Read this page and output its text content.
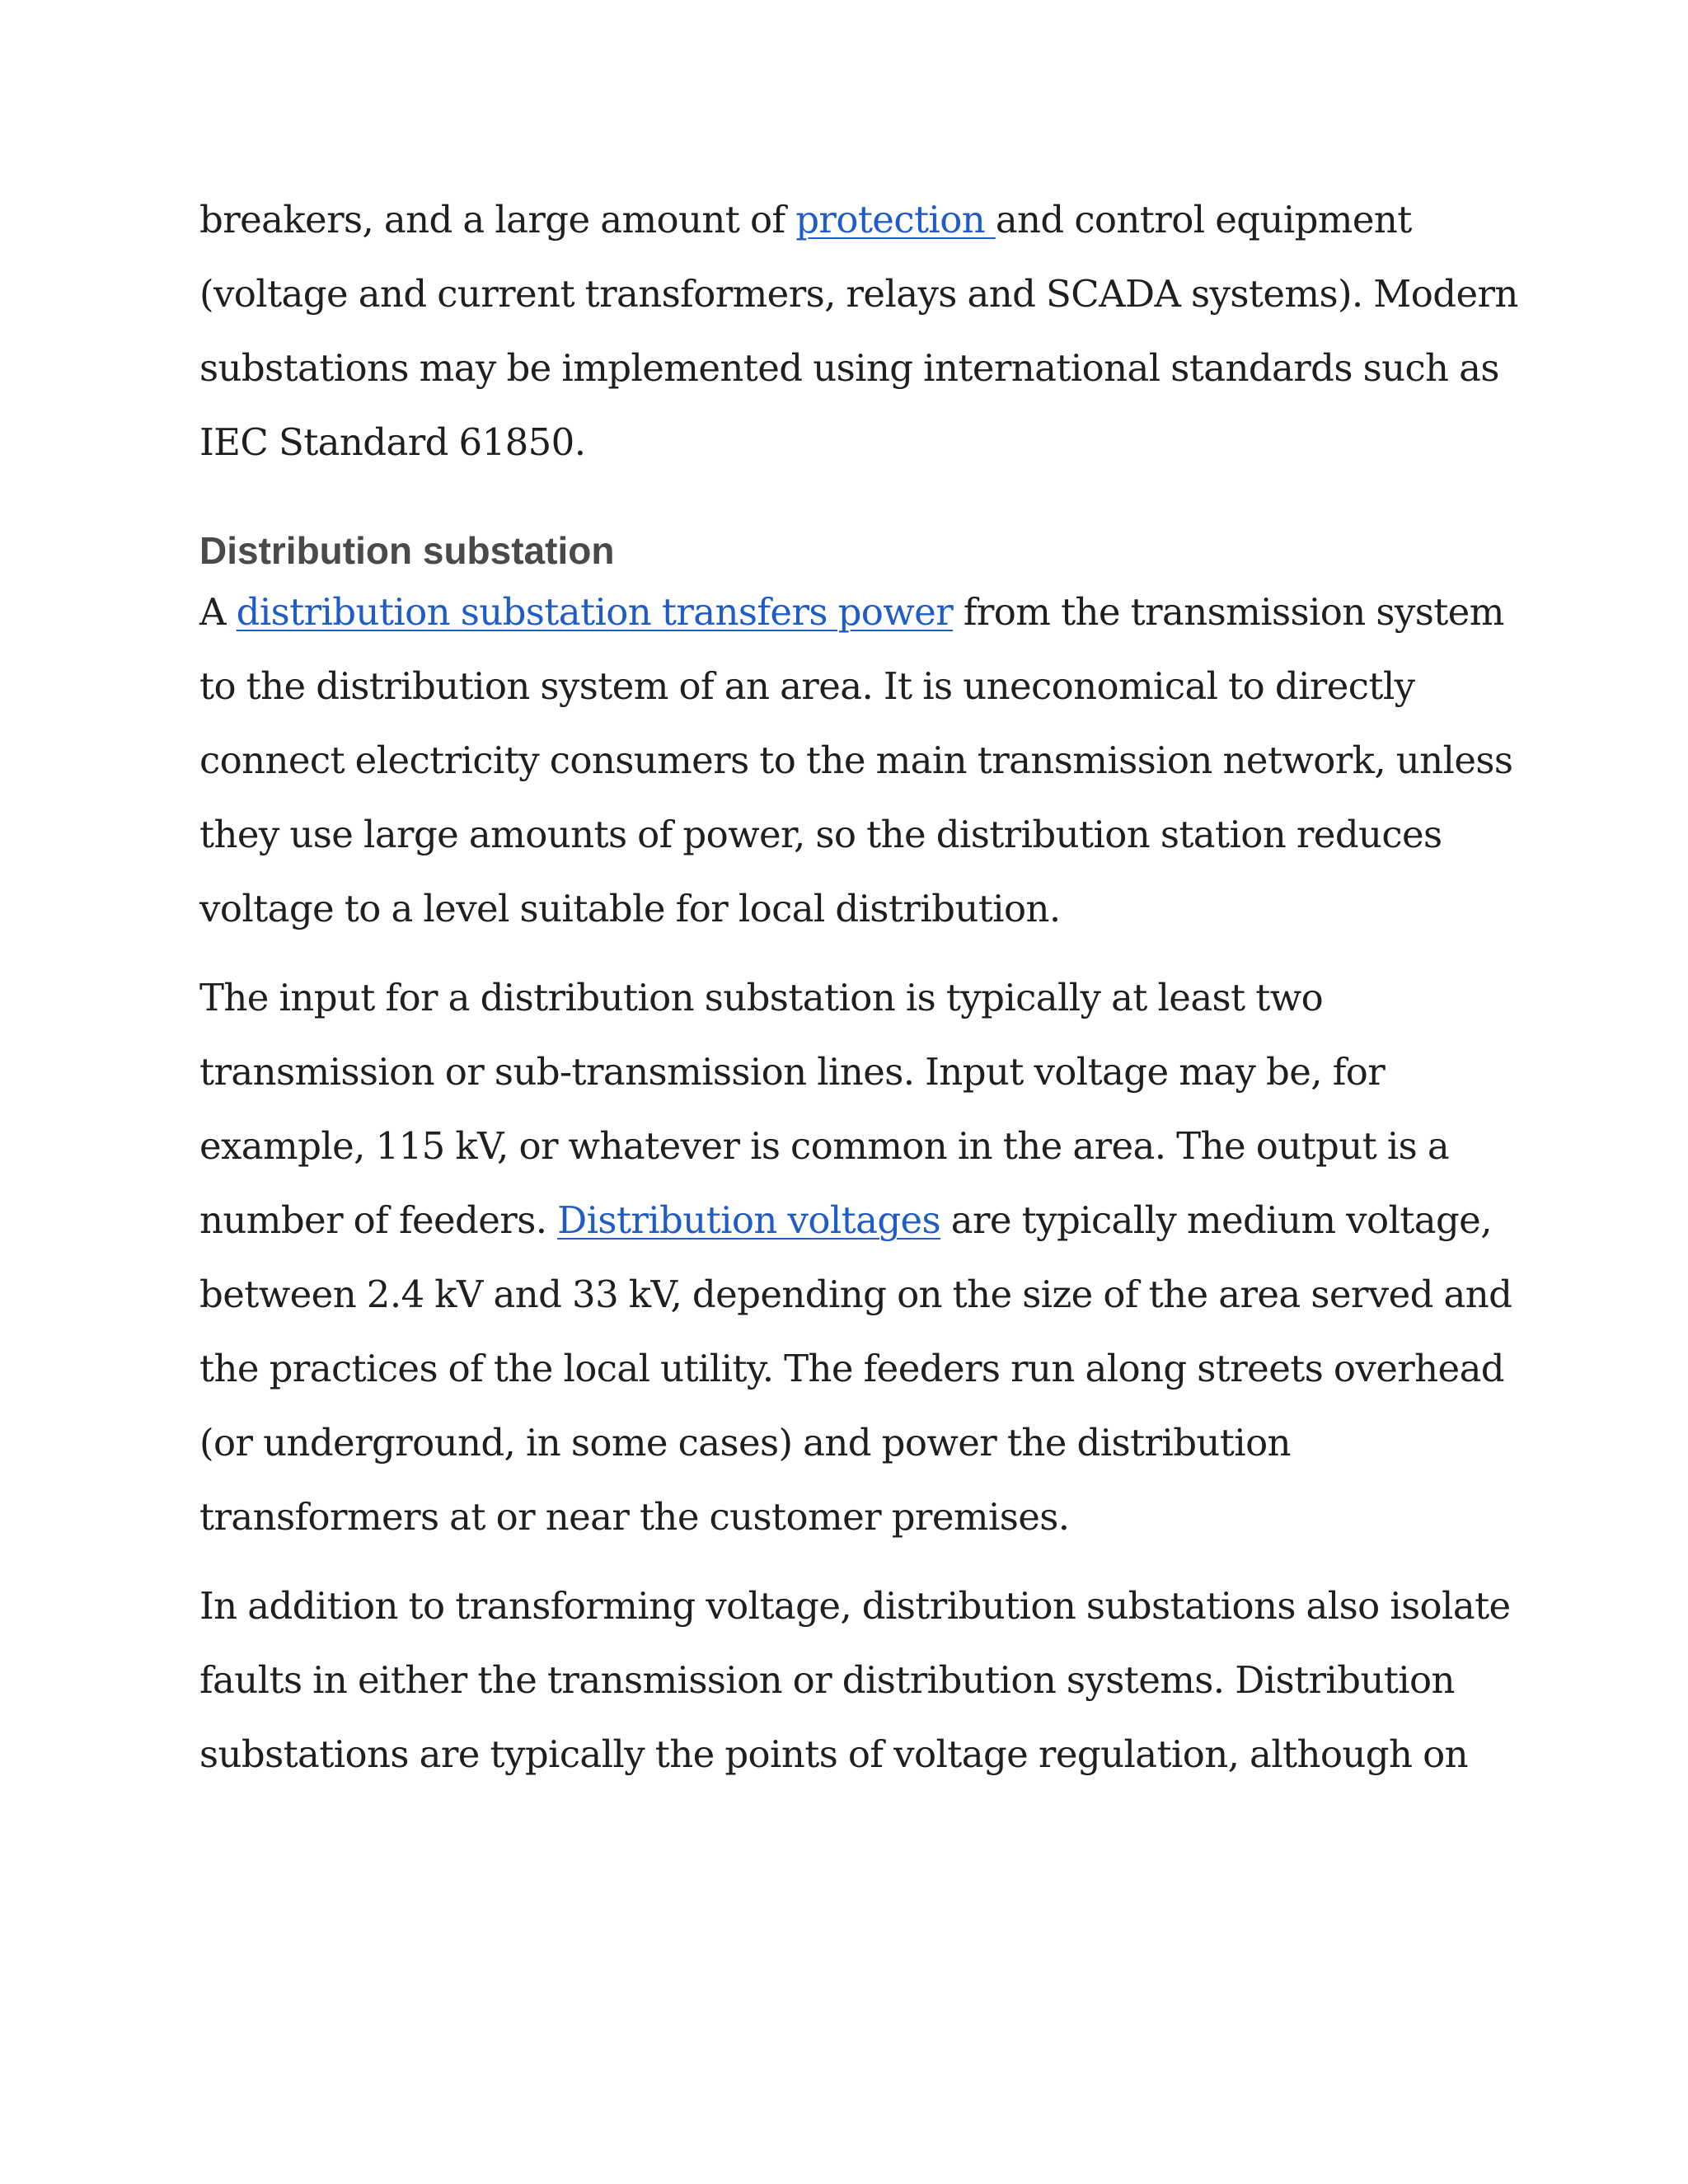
breakers, and a large amount of protection and control equipment (voltage and current transformers, relays and SCADA systems). Modern substations may be implemented using international standards such as IEC Standard 61850.

Distribution substation

A distribution substation transfers power from the transmission system to the distribution system of an area. It is uneconomical to directly connect electricity consumers to the main transmission network, unless they use large amounts of power, so the distribution station reduces voltage to a level suitable for local distribution.

The input for a distribution substation is typically at least two transmission or sub-transmission lines. Input voltage may be, for example, 115 kV, or whatever is common in the area. The output is a number of feeders. Distribution voltages are typically medium voltage, between 2.4 kV and 33 kV, depending on the size of the area served and the practices of the local utility. The feeders run along streets overhead (or underground, in some cases) and power the distribution transformers at or near the customer premises.

In addition to transforming voltage, distribution substations also isolate faults in either the transmission or distribution systems. Distribution substations are typically the points of voltage regulation, although on
